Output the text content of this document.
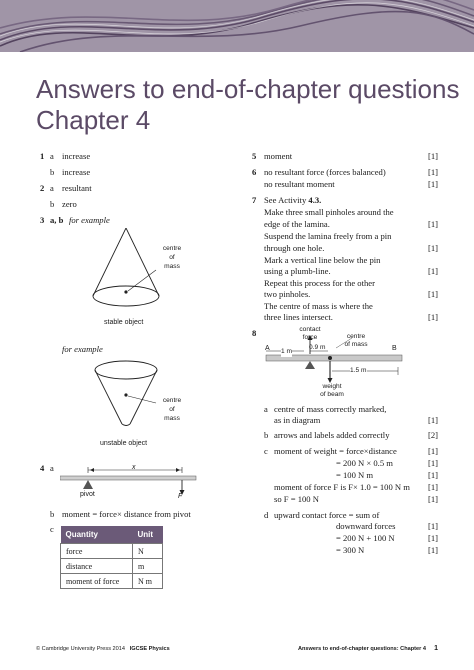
Answers to end-of-chapter questions
Chapter 4
1 a increase
b increase
2 a resultant
b zero
3 a, b for example
centre
of
mass
stable object
for example
centre
of
mass
unstable object
4 a	x
pivot	F
b moment = force× distance from pivot
c
Quantity	Unit
force	N
distance	m
moment of force	N m
5 moment	[1]
6 no resultant force (forces balanced)	[1]
no resultant moment	[1]
7 See Activity 4.3.
Make three small pinholes around the
edge of the lamina.	[1]
Suspend the lamina freely from a pin
through one hole.	[1]
Mark a vertical line below the pin
using a plumb-line.	[1]
Repeat this process for the other
two pinholes.	[1]
The centre of mass is where the
three lines intersect.	[1]
8	contact
force	centre
of mass
A	B
1 m
0.9 m
1.5 m
weight
of beam
a centre of mass correctly marked,
as in diagram	[1]
b arrows and labels added correctly	[2]
c moment of weight = force×distance	[1]
= 200 N × 0.5 m	[1]
= 100 N m	[1]
moment of force F is F× 1.0 = 100 N m [1]
so F = 100 N	[1]
d upward contact force = sum of
downward forces	[1]
= 200 N + 100 N	[1]
= 300 N	[1]
© Cambridge University Press 2014 IGCSE Physics	Answers to end-of-chapter questions: Chapter 4 1
